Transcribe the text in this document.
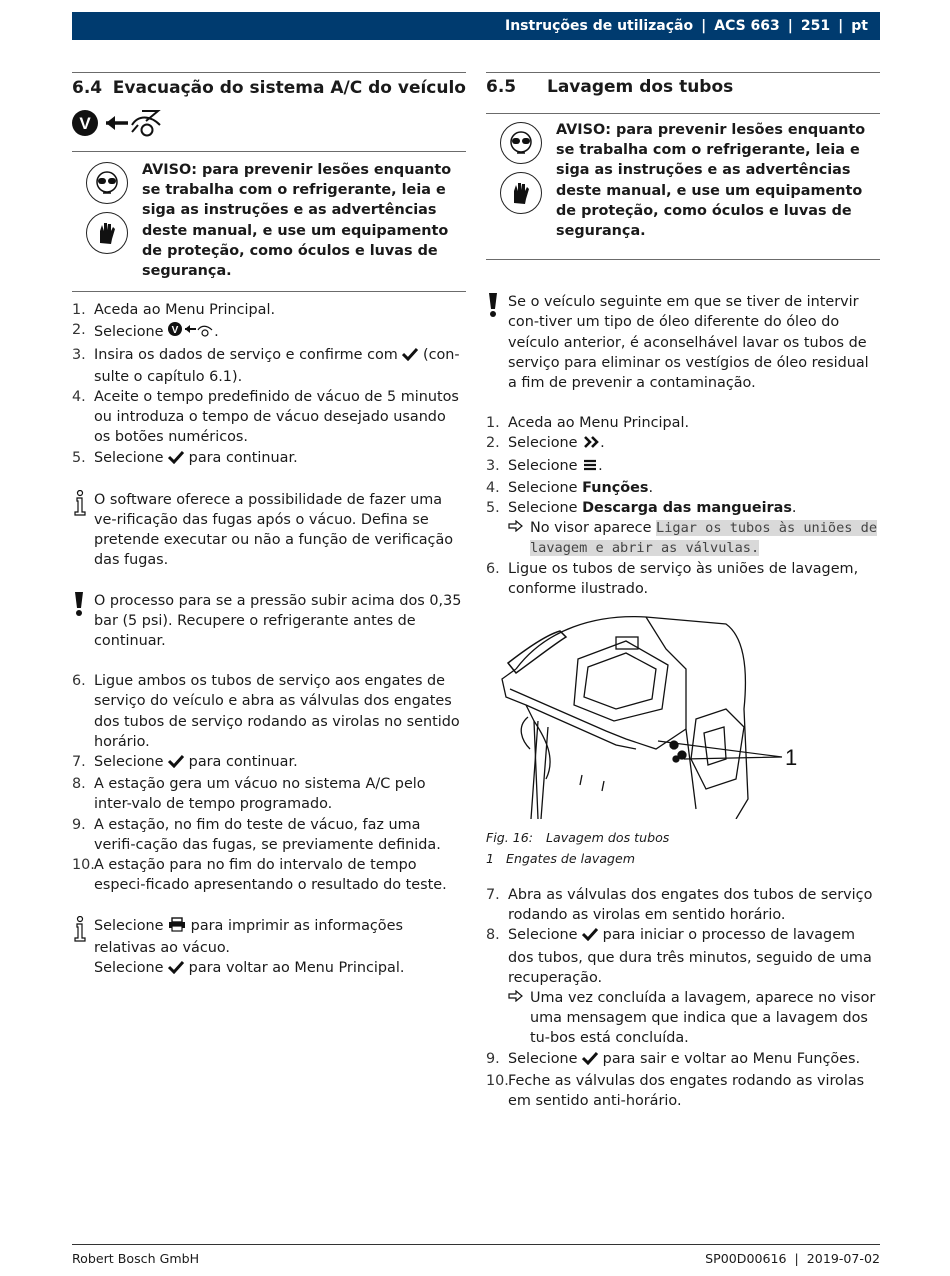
Instruções de utilização | ACS 663 | 251 | pt
6.4 Evacuação do sistema A/C do veículo
V
AVISO: para prevenir lesões enquanto se trabalha com o refrigerante, leia e siga as instruções e as advertências deste manual, e use um equipamento de proteção, como óculos e luvas de segurança.
1. Aceda ao Menu Principal.
2. Selecione V .
3. Insira os dados de serviço e confirme com  (con-sulte o capítulo 6.1).
4. Aceite o tempo predefinido de vácuo de 5 minutos ou introduza o tempo de vácuo desejado usando os botões numéricos.
5. Selecione  para continuar.
O software oferece a possibilidade de fazer uma ve-rificação das fugas após o vácuo. Defina se pretende executar ou não a função de verificação das fugas.
O processo para se a pressão subir acima dos 0,35 bar (5 psi). Recupere o refrigerante antes de continuar.
6. Ligue ambos os tubos de serviço aos engates de serviço do veículo e abra as válvulas dos engates dos tubos de serviço rodando as virolas no sentido horário.
7. Selecione  para continuar.
8. A estação gera um vácuo no sistema A/C pelo inter-valo de tempo programado.
9. A estação, no fim do teste de vácuo, faz uma verifi-cação das fugas, se previamente definida.
10. A estação para no fim do intervalo de tempo especi-ficado apresentando o resultado do teste.
Selecione  para imprimir as informações relativas ao vácuo.
Selecione  para voltar ao Menu Principal.
6.5	Lavagem dos tubos
AVISO: para prevenir lesões enquanto se trabalha com o refrigerante, leia e siga as instruções e as advertências deste manual, e use um equipamento de proteção, como óculos e luvas de segurança.
Se o veículo seguinte em que se tiver de intervir con-tiver um tipo de óleo diferente do óleo do veículo anterior, é aconselhável lavar os tubos de serviço para eliminar os vestígios de óleo residual a fim de prevenir a contaminação.
1. Aceda ao Menu Principal.
2. Selecione .
3. Selecione .
4. Selecione Funções.
5. Selecione Descarga das mangueiras.
No visor aparece Ligar os tubos às uniões de lavagem e abrir as válvulas.
6. Ligue os tubos de serviço às uniões de lavagem, conforme ilustrado.
1
Fig. 16: Lavagem dos tubos
1 Engates de lavagem
7. Abra as válvulas dos engates dos tubos de serviço rodando as virolas em sentido horário.
8. Selecione  para iniciar o processo de lavagem dos tubos, que dura três minutos, seguido de uma recuperação.
Uma vez concluída a lavagem, aparece no visor uma mensagem que indica que a lavagem dos tu-bos está concluída.
9. Selecione  para sair e voltar ao Menu Funções.
10. Feche as válvulas dos engates rodando as virolas em sentido anti-horário.
Robert Bosch GmbH	SP00D00616 | 2019-07-02
